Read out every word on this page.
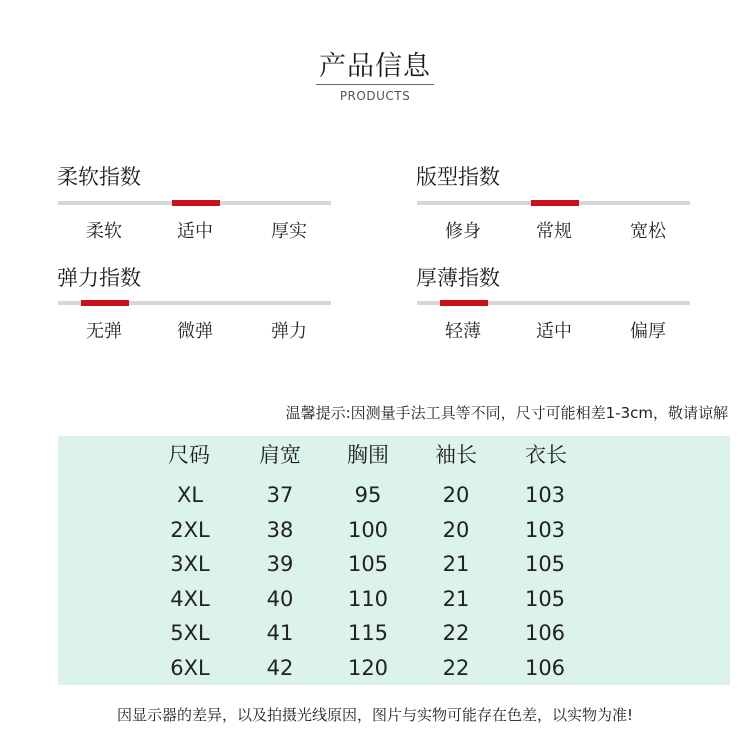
产品信息
PRODUCTS
柔软指数
柔软	适中	厚实
版型指数
修身	常规	宽松
弹力指数
无弹	微弹	弹力
厚薄指数
轻薄	适中	偏厚
温馨提示:因测量手法工具等不同，尺寸可能相差1-3cm，敬请谅解
尺码	肩宽	胸围	袖长	衣长
XL	37	95	20	103
2XL	38	100	20	103
3XL	39	105	21	105
4XL	40	110	21	105
5XL	41	115	22	106
6XL	42	120	22	106
因显示器的差异，以及拍摄光线原因，图片与实物可能存在色差，以实物为准!
